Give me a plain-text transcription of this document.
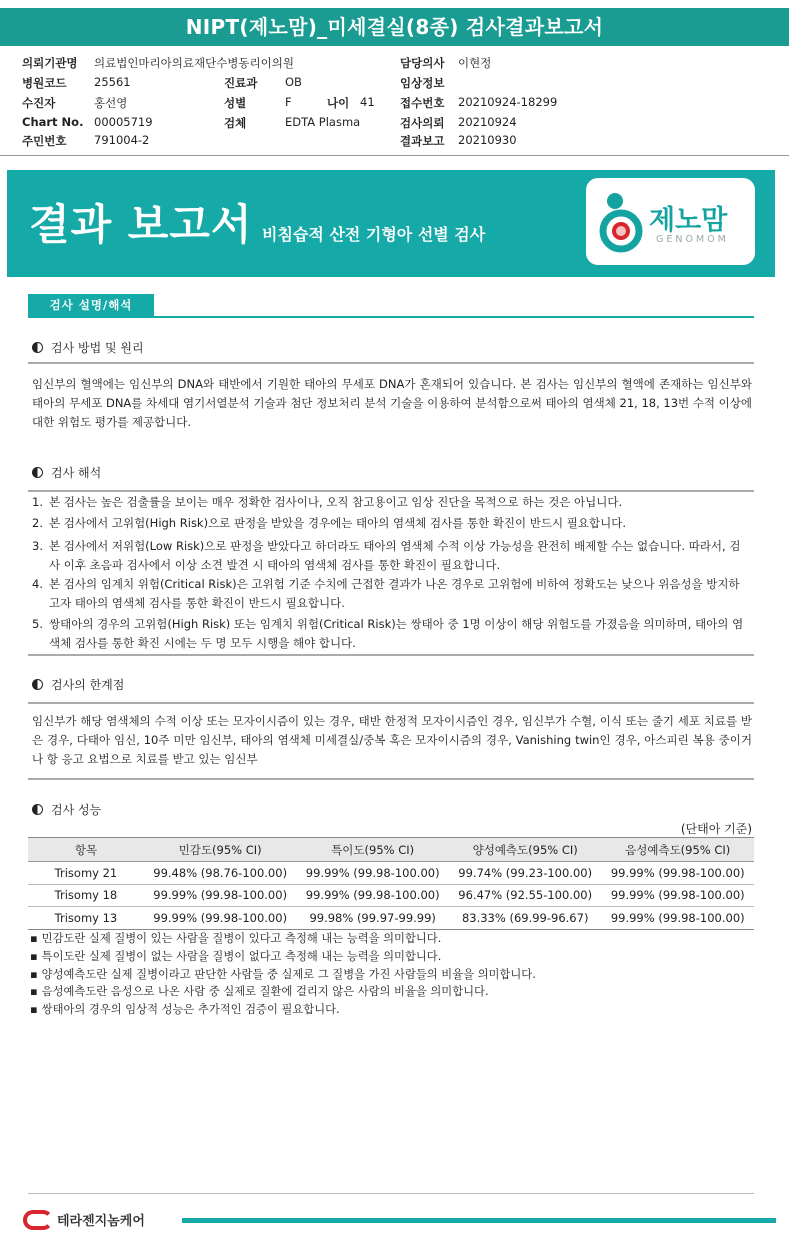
NIPT(제노맘)_미세결실(8종) 검사결과보고서
의뢰기관명 의료법인마리아의료재단수병동리이의원	담당의사 이현정
병원코드 25561	진료과 OB	임상정보
수진자	홍선영	성별	F	나이 41 접수번호 20210924-18299
Chart No. 00005719	검체	EDTA Plasma	검사의뢰 20210924
주민번호 791004-2	결과보고 20210930
결과 보고서 비침습적 산전 기형아 선별 검사	제노맘
GENOMOM
검사 설명/해석
검사 방법 및 원리
임신부의 혈액에는 임신부의 DNA와 태반에서 기원한 태아의 무세포 DNA가 혼재되어 있습니다. 본 검사는 임신부의 혈액에 존재하는 임신부와 태아의 무세포 DNA를 차세대 염기서열분석 기술과 첨단 정보처리 분석 기술을 이용하여 분석함으로써 태아의 염색체 21, 18, 13번 수적 이상에 대한 위험도 평가를 제공합니다.
검사 해석
1. 본 검사는 높은 검출률을 보이는 매우 정확한 검사이나, 오직 참고용이고 임상 진단을 목적으로 하는 것은 아닙니다.
2. 본 검사에서 고위험(High Risk)으로 판정을 받았을 경우에는 태아의 염색체 검사를 통한 확진이 반드시 필요합니다.
3. 본 검사에서 저위험(Low Risk)으로 판정을 받았다고 하더라도 태아의 염색체 수적 이상 가능성을 완전히 배제할 수는 없습니다. 따라서, 검사 이후 초음파 검사에서 이상 소견 발견 시 태아의 염색체 검사를 통한 확진이 필요합니다.
4. 본 검사의 임계치 위험(Critical Risk)은 고위험 기준 수치에 근접한 결과가 나온 경우로 고위험에 비하여 정확도는 낮으나 위음성을 방지하고자 태아의 염색체 검사를 통한 확진이 반드시 필요합니다.
5. 쌍태아의 경우의 고위험(High Risk) 또는 임계치 위험(Critical Risk)는 쌍태아 중 1명 이상이 해당 위험도를 가졌음을 의미하며, 태아의 염색체 검사를 통한 확진 시에는 두 명 모두 시행을 해야 합니다.
검사의 한계점
임신부가 해당 염색체의 수적 이상 또는 모자이시즘이 있는 경우, 태반 한정적 모자이시즘인 경우, 임신부가 수혈, 이식 또는 줄기 세포 치료를 받은 경우, 다태아 임신, 10주 미만 임신부, 태아의 염색체 미세결실/중복 혹은 모자이시즘의 경우, Vanishing twin인 경우, 아스피린 복용 중이거나 항 응고 요법으로 치료를 받고 있는 임신부
검사 성능
(단태아 기준)
항목	민감도(95% CI)	특이도(95% CI)	양성예측도(95% CI)	음성예측도(95% CI)
Trisomy 21	99.48% (98.76-100.00)	99.99% (99.98-100.00)	99.74% (99.23-100.00)	99.99% (99.98-100.00)
Trisomy 18	99.99% (99.98-100.00)	99.99% (99.98-100.00)	96.47% (92.55-100.00)	99.99% (99.98-100.00)
Trisomy 13	99.99% (99.98-100.00)	99.98% (99.97-99.99)	83.33% (69.99-96.67)	99.99% (99.98-100.00)
▪ 민감도란 실제 질병이 있는 사람을 질병이 있다고 측정해 내는 능력을 의미합니다.
▪ 특이도란 실제 질병이 없는 사람을 질병이 없다고 측정해 내는 능력을 의미합니다.
▪ 양성예측도란 실제 질병이라고 판단한 사람들 중 실제로 그 질병을 가진 사람들의 비율을 의미합니다.
▪ 음성예측도란 음성으로 나온 사람 중 실제로 질환에 걸리지 않은 사람의 비율을 의미합니다.
▪ 쌍태아의 경우의 임상적 성능은 추가적인 검증이 필요합니다.
테라젠지놈케어
